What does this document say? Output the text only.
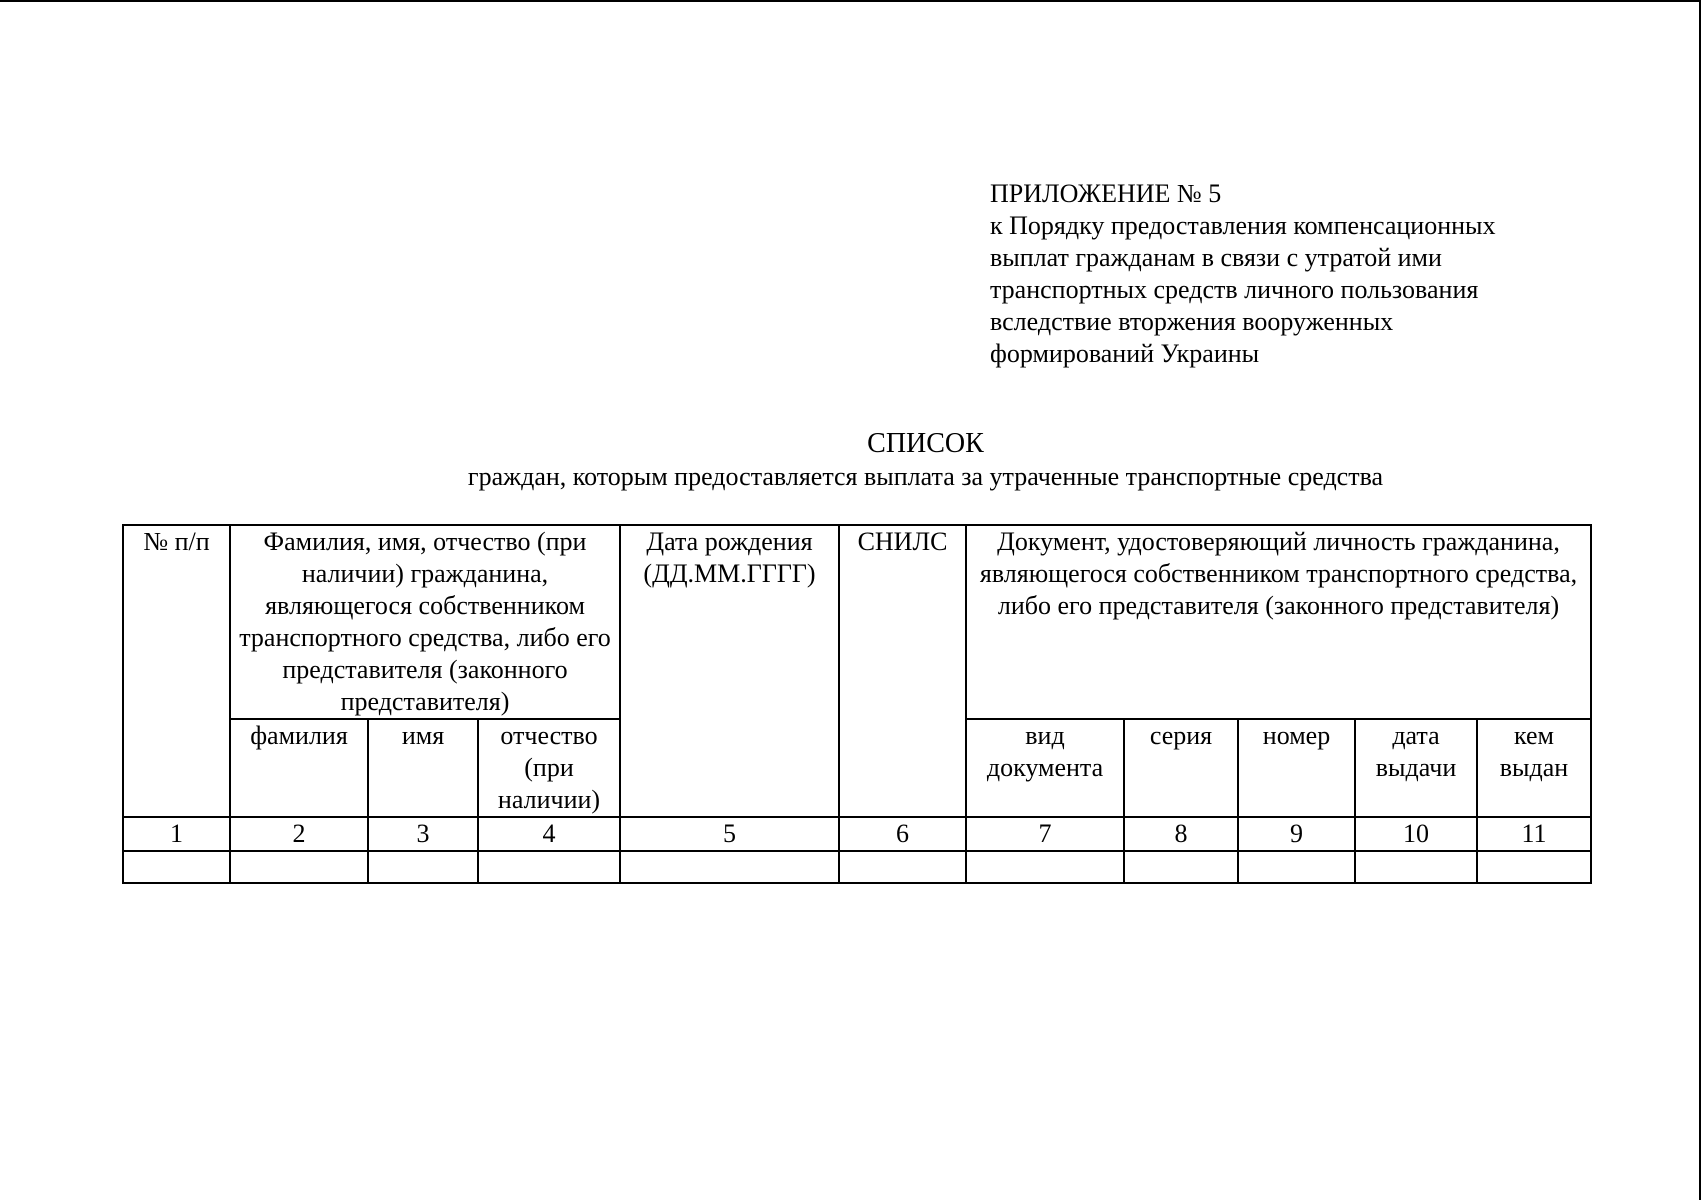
ПРИЛОЖЕНИЕ № 5
к Порядку предоставления компенсационных
выплат гражданам в связи с утратой ими
транспортных средств личного пользования
вследствие вторжения вооруженных
формирований Украины
СПИСОК
граждан, которым предоставляется выплата за утраченные транспортные средства
№ п/п	Фамилия, имя, отчество (при наличии) гражданина, являющегося собственником транспортного средства, либо его представителя (законного представителя)			Дата рождения (ДД.ММ.ГГГГ)	СНИЛС	Документ, удостоверяющий личность гражданина, являющегося собственником транспортного средства, либо его представителя (законного представителя)				
	фамилия	имя	отчество (при наличии)			вид документа	серия	номер	дата выдачи	кем выдан
1	2	3	4	5	6	7	8	9	10	11
